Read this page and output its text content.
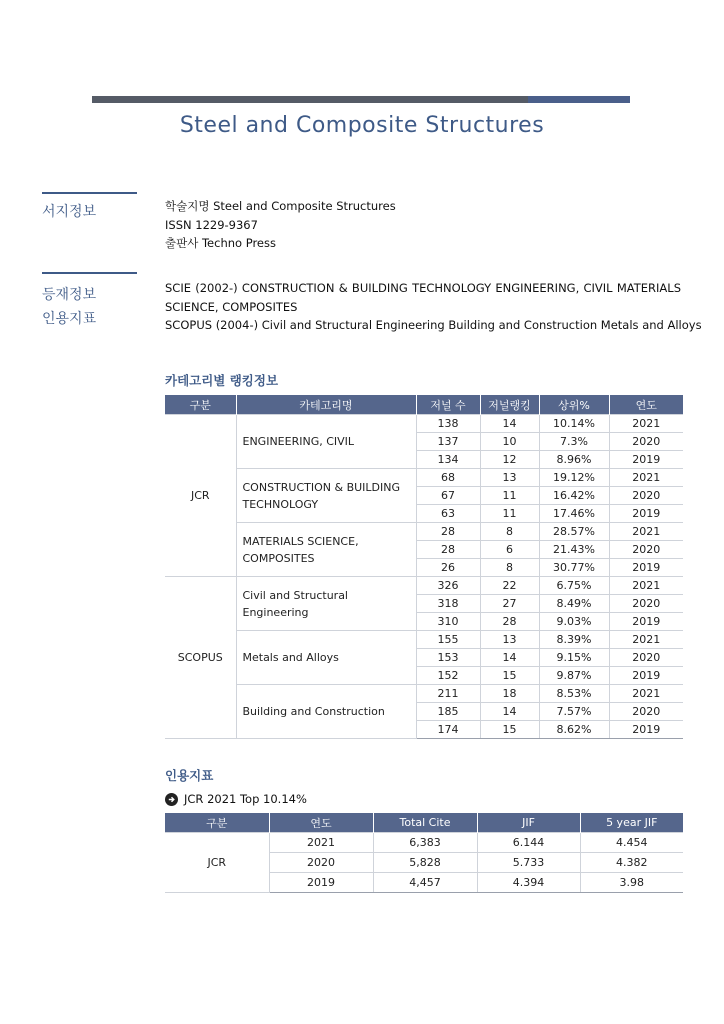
Steel and Composite Structures
서지정보	학술지명 Steel and Composite Structures
ISSN 1229-9367
출판사 Techno Press
등재정보
인용지표
SCIE (2002-) CONSTRUCTION & BUILDING TECHNOLOGY ENGINEERING, CIVIL MATERIALS SCIENCE, COMPOSITES
SCOPUS (2004-) Civil and Structural Engineering Building and Construction Metals and Alloys
카테고리별 랭킹정보
구분	카테고리명	저널 수	저널랭킹	상위%	연도
JCR	ENGINEERING, CIVIL	138	14	10.14%	2021
		137	10	7.3%	2020
		134	12	8.96%	2019
	CONSTRUCTION & BUILDING TECHNOLOGY	68	13	19.12%	2021
		67	11	16.42%	2020
		63	11	17.46%	2019
	MATERIALS SCIENCE, COMPOSITES	28	8	28.57%	2021
		28	6	21.43%	2020
		26	8	30.77%	2019
SCOPUS	Civil and Structural Engineering	326	22	6.75%	2021
		318	27	8.49%	2020
		310	28	9.03%	2019
	Metals and Alloys	155	13	8.39%	2021
		153	14	9.15%	2020
		152	15	9.87%	2019
	Building and Construction	211	18	8.53%	2021
		185	14	7.57%	2020
		174	15	8.62%	2019
인용지표
JCR 2021 Top 10.14%
구분	연도	Total Cite	JIF	5 year JIF
JCR	2021	6,383	6.144	4.454
	2020	5,828	5.733	4.382
	2019	4,457	4.394	3.98
